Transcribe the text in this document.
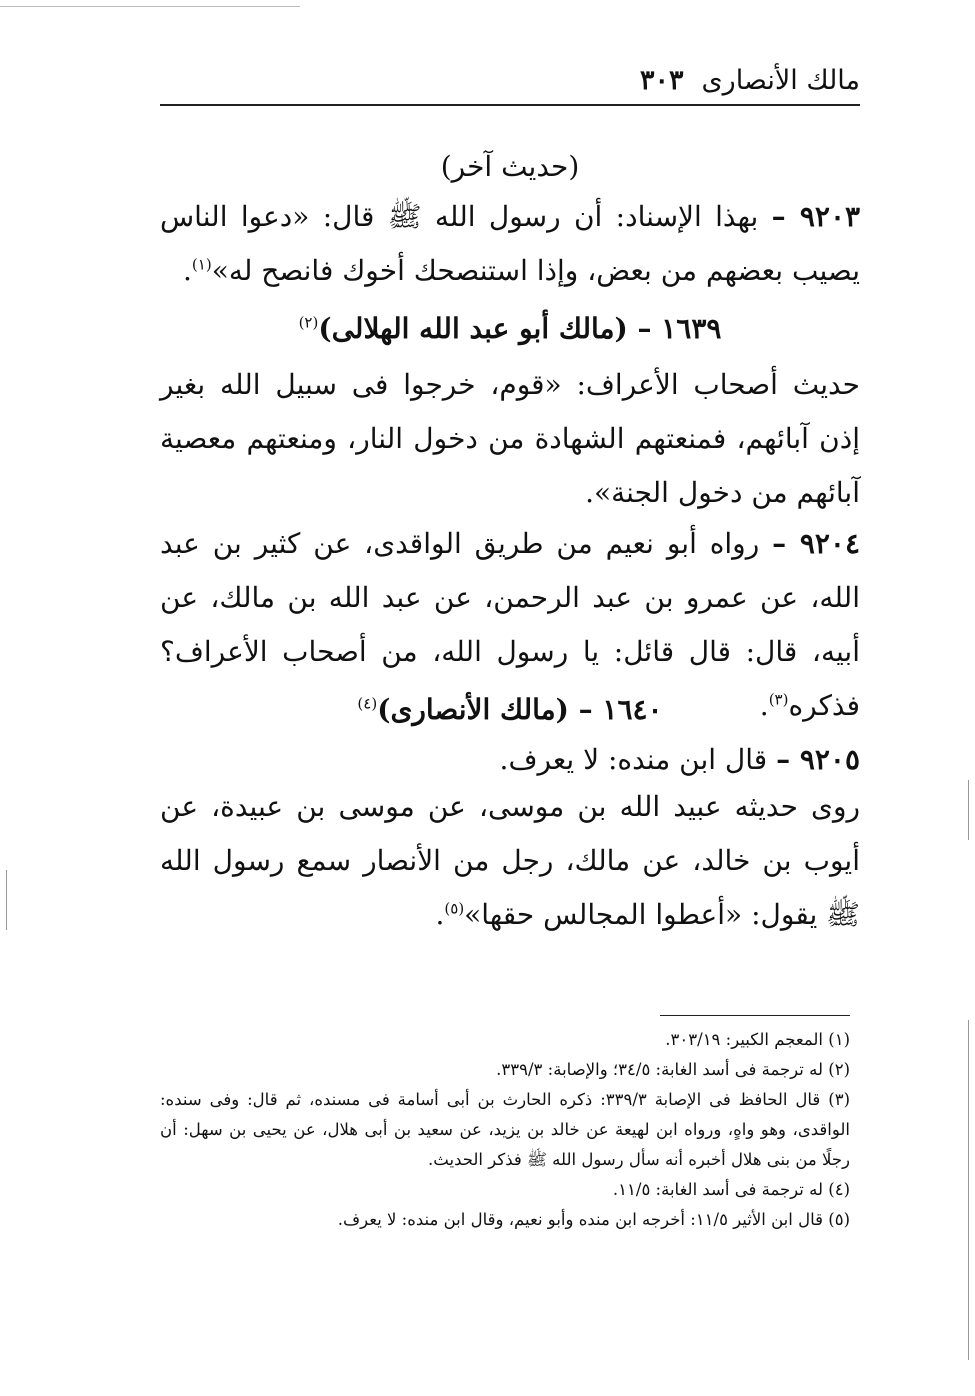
مالك الأنصارى
٣٠٣
(حديث آخر)
٩٢٠٣ – بهذا الإسناد: أن رسول الله ﷺ قال: «دعوا الناس يصيب بعضهم من بعض، وإذا استنصحك أخوك فانصح له»$^{(١)}$.
١٦٣٩ – (مالك أبو عبد الله الهلالى)$^{(٢)}$
حديث أصحاب الأعراف: «قوم، خرجوا فى سبيل الله بغير إذن آبائهم، فمنعتهم الشهادة من دخول النار، ومنعتهم معصية آبائهم من دخول الجنة».
٩٢٠٤ – رواه أبو نعيم من طريق الواقدى، عن كثير بن عبد الله، عن عمرو بن عبد الرحمن، عن عبد الله بن مالك، عن أبيه، قال: قال قائل: يا رسول الله، من أصحاب الأعراف؟ فذكره$^{(٣)}$.
١٦٤٠ – (مالك الأنصارى)$^{(٤)}$
٩٢٠٥ – قال ابن منده: لا يعرف.
روى حديثه عبيد الله بن موسى، عن موسى بن عبيدة، عن أيوب بن خالد، عن مالك، رجل من الأنصار سمع رسول الله ﷺ يقول: «أعطوا المجالس حقها»$^{(٥)}$.

(١) المعجم الكبير: ٣٠٣/١٩.

(٢) له ترجمة فى أسد الغابة: ٣٤/٥؛ والإصابة: ٣٣٩/٣.

(٣) قال الحافظ فى الإصابة ٣٣٩/٣: ذكره الحارث بن أبى أسامة فى مسنده، ثم قال: وفى سنده: الواقدى، وهو واهٍ، ورواه ابن لهيعة عن خالد بن يزيد، عن سعيد بن أبى هلال، عن يحيى بن سهل: أن رجلًا من بنى هلال أخبره أنه سأل رسول الله ﷺ فذكر الحديث.

(٤) له ترجمة فى أسد الغابة: ١١/٥.

(٥) قال ابن الأثير ١١/٥: أخرجه ابن منده وأبو نعيم، وقال ابن منده: لا يعرف.
